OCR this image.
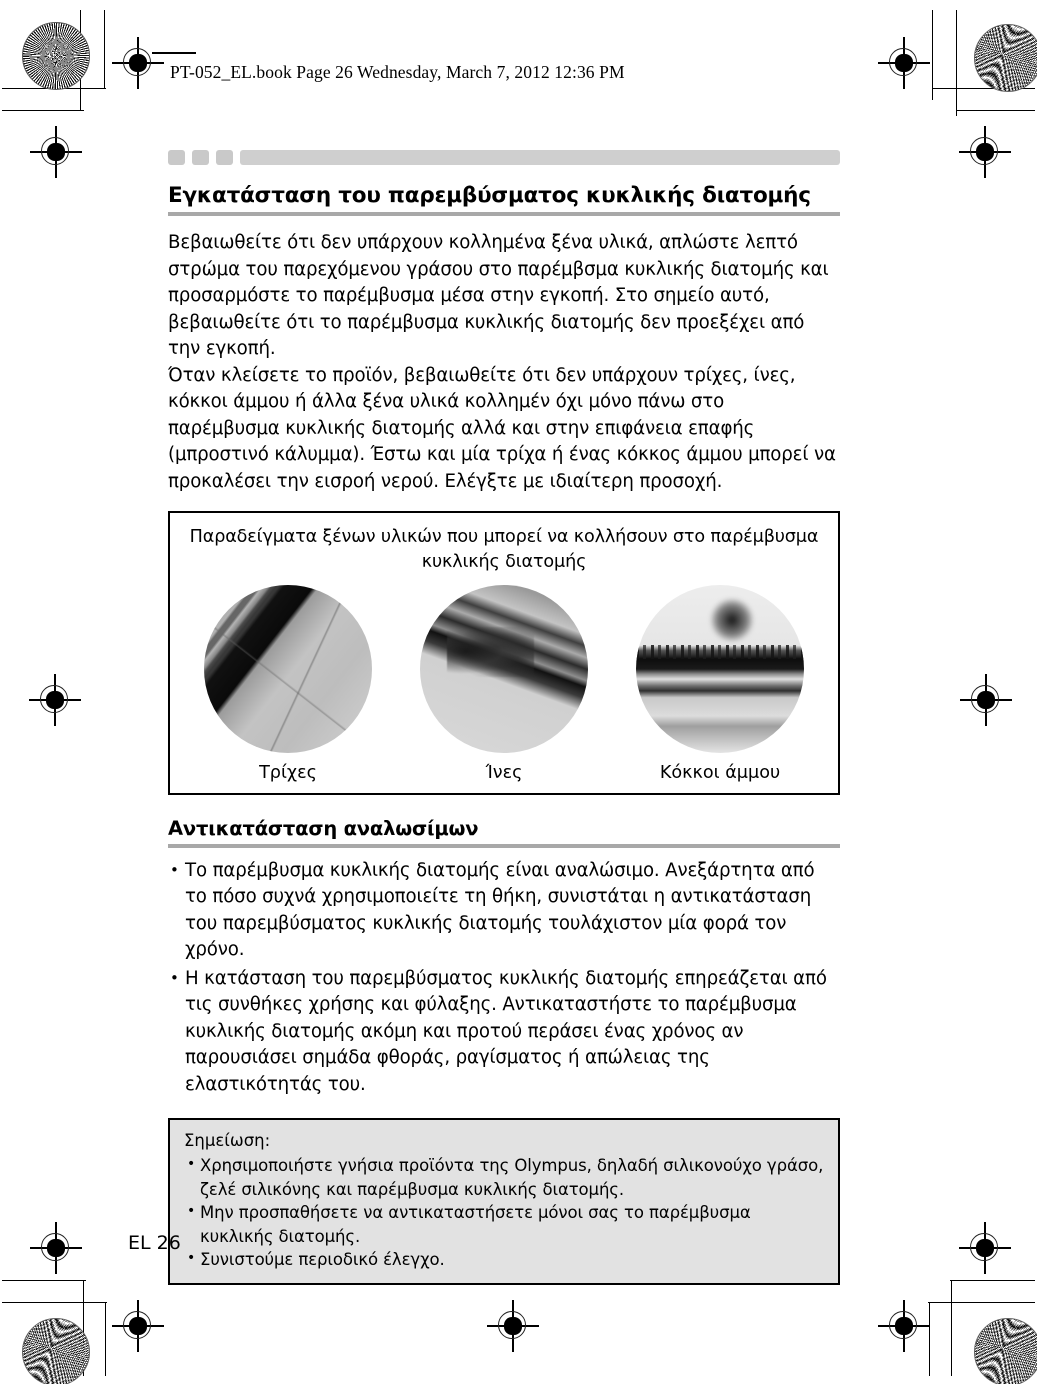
PT-052_EL.book Page 26 Wednesday, March 7, 2012 12:36 PM
Εγκατάσταση του παρεμβύσματος κυκλικής διατομής

Βεβαιωθείτε ότι δεν υπάρχουν κολλημένα ξένα υλικά, απλώστε λεπτό στρώμα του παρεχόμενου γράσου στο παρέμβσμα κυκλικής διατομής και προσαρμόστε το παρέμβυσμα μέσα στην εγκοπή. Στο σημείο αυτό, βεβαιωθείτε ότι το παρέμβυσμα κυκλικής διατομής δεν προεξέχει από την εγκοπή.

Όταν κλείσετε το προϊόν, βεβαιωθείτε ότι δεν υπάρχουν τρίχες, ίνες, κόκκοι άμμου ή άλλα ξένα υλικά κολλημέν όχι μόνο πάνω στο παρέμβυσμα κυκλικής διατομής αλλά και στην επιφάνεια επαφής (μπροστινό κάλυμμα). Έστω και μία τρίχα ή ένας κόκκος άμμου μπορεί να προκαλέσει την εισροή νερού. Ελέγξτε με ιδιαίτερη προσοχή.

Παραδείγματα ξένων υλικών που μπορεί να κολλήσουν στο παρέμβυσμα κυκλικής διατομής
Τρίχες	Ίνες	Κόκκοι άμμου
Αντικατάσταση αναλωσίμων
• Το παρέμβυσμα κυκλικής διατομής είναι αναλώσιμο. Ανεξάρτητα από το πόσο συχνά χρησιμοποιείτε τη θήκη, συνιστάται η αντικατάσταση του παρεμβύσματος κυκλικής διατομής τουλάχιστον μία φορά τον χρόνο.
• Η κατάσταση του παρεμβύσματος κυκλικής διατομής επηρεάζεται από τις συνθήκες χρήσης και φύλαξης. Αντικαταστήστε το παρέμβυσμα κυκλικής διατομής ακόμη και προτού περάσει ένας χρόνος αν παρουσιάσει σημάδα φθοράς, ραγίσματος ή απώλειας της ελαστικότητάς του.
Σημείωση:
• Χρησιμοποιήστε γνήσια προϊόντα της Olympus, δηλαδή σιλικονούχο γράσο, ζελέ σιλικόνης και παρέμβυσμα κυκλικής διατομής.
• Μην προσπαθήσετε να αντικαταστήσετε μόνοι σας το παρέμβυσμα κυκλικής διατομής.
• Συνιστούμε περιοδικό έλεγχο.
EL 26
